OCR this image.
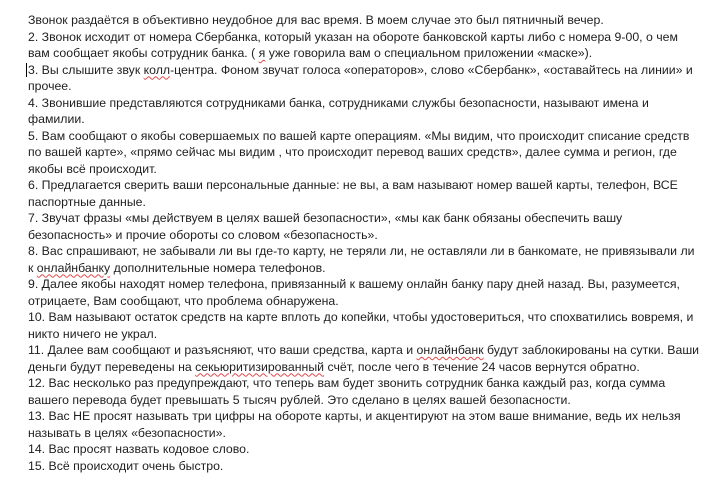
Звонок раздаётся в объективно неудобное для вас время. В моем случае это был пятничный вечер.

2. Звонок исходит от номера Сбербанка, который указан на обороте банковской карты либо с номера 9-00, о чем вам сообщает якобы сотрудник банка. ( я уже говорила вам о специальном приложении «маске»).

3. Вы слышите звук колл-центра. Фоном звучат голоса «операторов», слово «Сбербанк», «оставайтесь на линии» и прочее.

4. Звонившие представляются сотрудниками банка, сотрудниками службы безопасности, называют имена и фамилии.

5. Вам сообщают о якобы совершаемых по вашей карте операциям. «Мы видим, что происходит списание средств по вашей карте», «прямо сейчас мы видим , что происходит перевод ваших средств», далее сумма и регион, где якобы всё происходит.

6. Предлагается сверить ваши персональные данные: не вы, а вам называют номер вашей карты, телефон, ВСЕ паспортные данные.

7. Звучат фразы «мы действуем в целях вашей безопасности», «мы как банк обязаны обеспечить вашу безопасность» и прочие обороты со словом «безопасность».

8. Вас спрашивают, не забывали ли вы где-то карту, не теряли ли, не оставляли ли в банкомате, не привязывали ли к онлайнбанку дополнительные номера телефонов.

9. Далее якобы находят номер телефона, привязанный к вашему онлайн банку пару дней назад. Вы, разумеется, отрицаете, Вам сообщают, что проблема обнаружена.

10. Вам называют остаток средств на карте вплоть до копейки, чтобы удостовериться, что спохватились вовремя, и никто ничего не украл.

11. Далее вам сообщают и разъясняют, что ваши средства, карта и онлайнбанк будут заблокированы на сутки. Ваши деньги будут переведены на секьюритизированный счёт, после чего в течение 24 часов вернутся обратно.

12. Вас несколько раз предупреждают, что теперь вам будет звонить сотрудник банка каждый раз, когда сумма вашего перевода будет превышать 5 тысяч рублей. Это сделано в целях вашей безопасности.

13. Вас НЕ просят называть три цифры на обороте карты, и акцентируют на этом ваше внимание, ведь их нельзя называть в целях «безопасности».

14. Вас просят назвать кодовое слово.

15. Всё происходит очень быстро.
